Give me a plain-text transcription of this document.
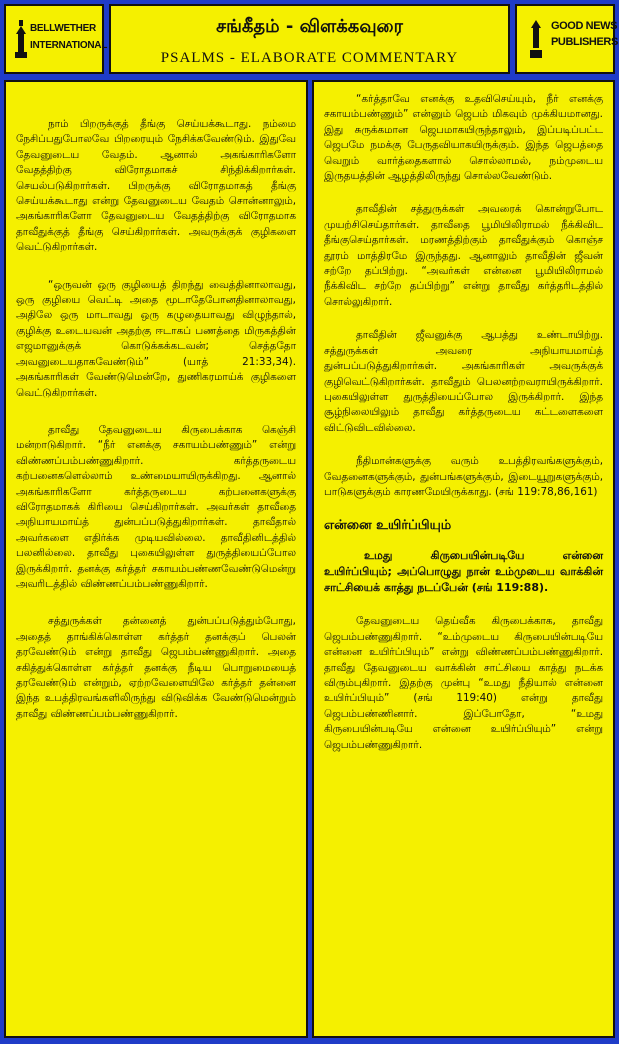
BELLWETHER
INTERNATIONAL
சங்கீதம் - விளக்கவுரை
PSALMS - ELABORATE COMMENTARY
GOOD NEWS
PUBLISHERS

நாம் பிறருக்குத் தீங்கு செய்யக்கூடாது. நம்மை நேசிப்பதுபோலவே பிறரையும் நேசிக்கவேண்டும். இதுவே தேவனுடைய வேதம். ஆனால் அகங்காரிகளோ வேதத்திற்கு விரோதமாகச் சிந்திக்கிறார்கள். செயல்படுகிறார்கள். பிறருக்கு விரோதமாகத் தீங்கு செய்யக்கூடாது என்று தேவனுடைய வேதம் சொன்னாலும், அகங்காரிகளோ தேவனுடைய வேதத்திற்கு விரோதமாக தாவீதுக்குத் தீங்கு செய்கிறார்கள். அவருக்குக் குழிகளை வெட்டுகிறார்கள்.

“ஒருவன் ஒரு குழியைத் திறந்து வைத்தினாலாவது, ஒரு குழியை வெட்டி அதை மூடாதேபோனதினாலாவது, அதிலே ஒரு மாடாவது ஒரு கழுதையாவது விழுந்தால், குழிக்கு உடையவன் அதற்கு ஈடாகப் பணத்தை மிருகத்தின் எஜமானுக்குக் கொடுக்கக்கடவன்; செத்ததோ அவனுடையதாகவேண்டும்” (யாத் 21:33,34). அகங்காரிகள் வேண்டுமென்றே, துணிகரமாய்க் குழிகளை வெட்டுகிறார்கள்.

தாவீது தேவனுடைய கிருபைக்காக கெஞ்சி மன்றாடுகிறார். “நீர் எனக்கு சகாயம்பண்ணும்” என்று விண்ணப்பம்பண்ணுகிறார். கர்த்தருடைய கற்பனைகளெல்லாம் உண்மையாயிருக்கிறது. ஆனால் அகங்காரிகளோ கர்த்தருடைய கற்பனைகளுக்கு விரோதமாகக் கிரியை செய்கிறார்கள். அவர்கள் தாவீதை அநியாயமாய்த் துன்பப்படுத்துகிறார்கள். தாவீதால் அவர்களை எதிர்க்க முடியவில்லை. தாவீதினிடத்தில் பலனில்லை. தாவீது புகையிலுள்ள துருத்தியைப்போல இருக்கிறார். தனக்கு கர்த்தர் சகாயம்பண்ணவேண்டுமென்று அவரிடத்தில் விண்ணப்பம்பண்ணுகிறார்.

சத்துருக்கள் தன்னைத் துன்பப்படுத்தும்போது, அதைத் தாங்கிக்கொள்ள கர்த்தர் தனக்குப் பெலன் தரவேண்டும் என்று தாவீது ஜெபம்பண்ணுகிறார். அதை சகித்துக்கொள்ள கர்த்தர் தனக்கு நீடிய பொறுமையைத் தரவேண்டும் என்றும், ஏற்றவேளையிலே கர்த்தர் தன்னை இந்த உபத்திரவங்களிலிருந்து விடுவிக்க வேண்டுமென்றும் தாவீது விண்ணப்பம்பண்ணுகிறார்.

“கர்த்தாவே எனக்கு உதவிசெய்யும், நீர் எனக்கு சகாயம்பண்ணும்” என்னும் ஜெபம் மிகவும் முக்கியமானது. இது சுருக்கமான ஜெபமாகயிருந்தாலும், இப்படிப்பட்ட ஜெபமே நமக்கு பேருதவியாகயிருக்கும். இந்த ஜெபத்தை வெறும் வார்த்தைகளால் சொல்லாமல், நம்முடைய இருதயத்தின் ஆழத்திலிருந்து சொல்லவேண்டும்.

தாவீதின் சத்துருக்கள் அவரைக் கொன்றுபோட முயற்சிசெய்தார்கள். தாவீதை பூமியிலிராமல் நீக்கிவிட தீங்குசெய்தார்கள். மரணத்திற்கும் தாவீதுக்கும் கொஞ்ச தூரம் மாத்திரமே இருந்தது. ஆனாலும் தாவீதின் ஜீவன் சற்றே தப்பிற்று. “அவர்கள் என்னை பூமியிலிராமல் நீக்கிவிட சற்றே தப்பிற்று” என்று தாவீது கர்த்தரிடத்தில் சொல்லுகிறார்.

தாவீதின் ஜீவனுக்கு ஆபத்து உண்டாயிற்று. சத்துருக்கள் அவரை அநியாயமாய்த் துன்பப்படுத்துகிறார்கள். அகங்காரிகள் அவருக்குக் குழிவெட்டுகிறார்கள். தாவீதும் பெலனற்றவராயிருக்கிறார். புகையிலுள்ள துருத்தியைப்போல இருக்கிறார். இந்த சூழ்நிலையிலும் தாவீது கர்த்தருடைய கட்டளைகளை விட்டுவிடவில்லை.

நீதிமான்களுக்கு வரும் உபத்திரவங்களுக்கும், வேதனைகளுக்கும், துன்பங்களுக்கும், இடையூறுகளுக்கும், பாடுகளுக்கும் காரணமேயிருக்காது. (சங் 119:78,86,161)

என்னை உயிர்ப்பியும்

உமது கிருபையின்படியே என்னை உயிர்ப்பியும்; அப்பொழுது நான் உம்முடைய வாக்கின் சாட்சியைக் காத்து நடப்பேன் (சங் 119:88).

தேவனுடைய தெய்வீக கிருபைக்காக, தாவீது ஜெபம்பண்ணுகிறார். “உம்முடைய கிருபையின்படியே என்னை உயிர்ப்பியும்” என்று விண்ணப்பம்பண்ணுகிறார். தாவீது தேவனுடைய வாக்கின் சாட்சியை காத்து நடக்க விரும்புகிறார். இதற்கு முன்பு “உமது நீதியால் என்னை உயிர்ப்பியும்” (சங் 119:40) என்று தாவீது ஜெபம்பண்ணினார். இப்போதோ, “உமது கிருபையின்படியே என்னை உயிர்ப்பியும்” என்று ஜெபம்பண்ணுகிறார்.
